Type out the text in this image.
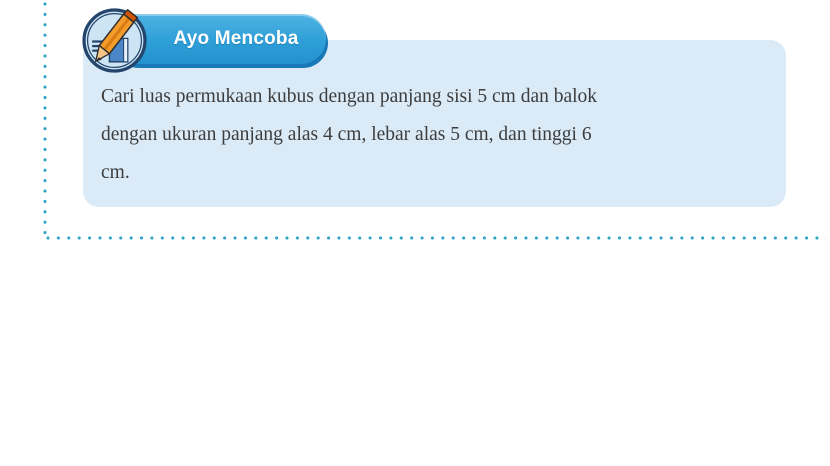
Cari luas permukaan kubus dengan panjang sisi 5 cm dan balok
dengan ukuran panjang alas 4 cm, lebar alas 5 cm, dan tinggi 6
cm.
Ayo Mencoba
